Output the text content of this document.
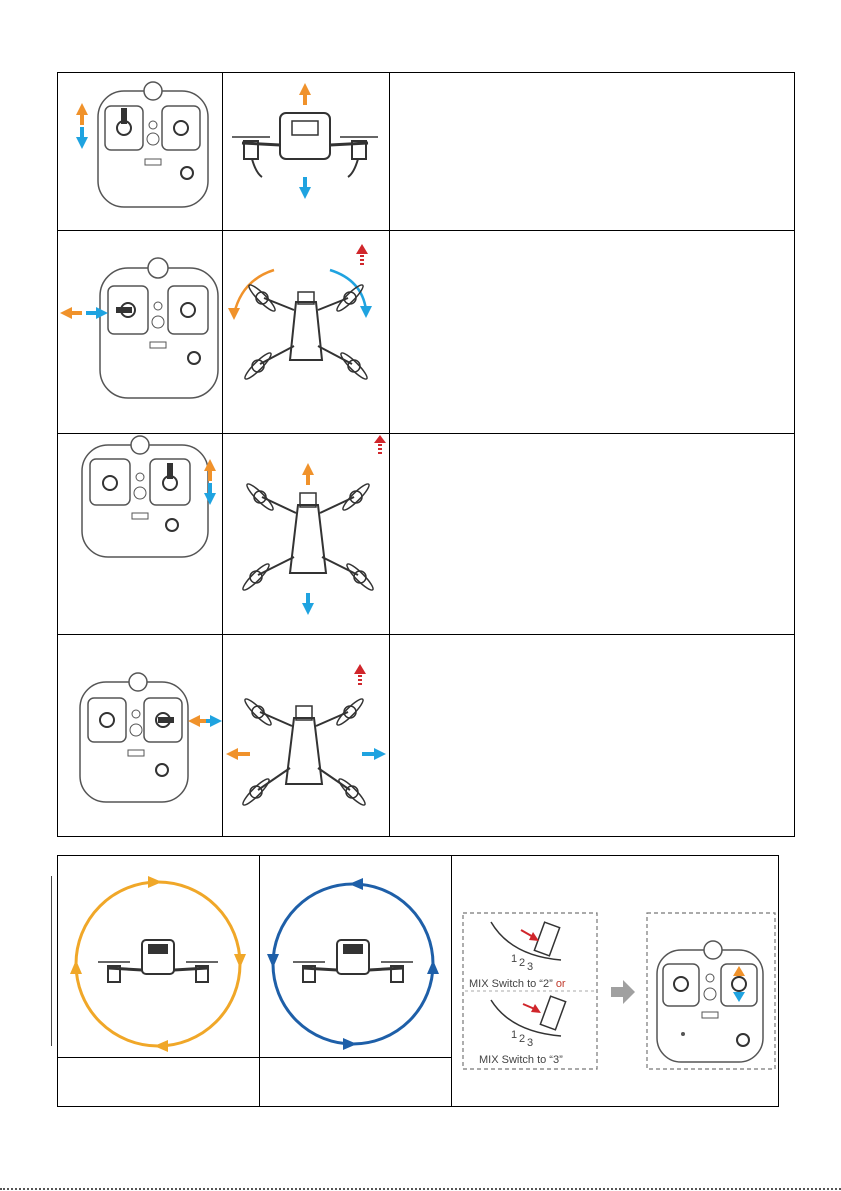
1 2 3
MIX Switch to “2” or
1 2 3
MIX Switch to “3”
